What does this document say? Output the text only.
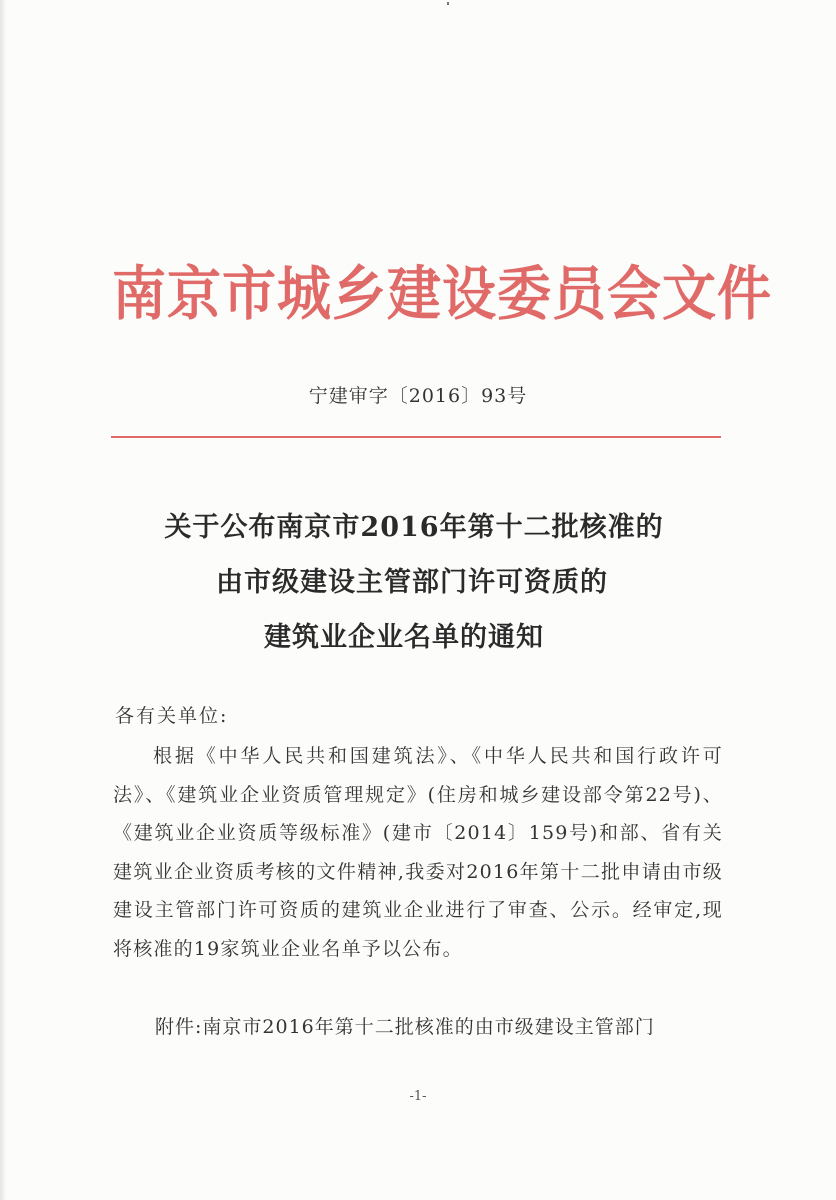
南京市城乡建设委员会文件
宁建审字〔2016〕93号
关于公布南京市2016年第十二批核准的
由市级建设主管部门许可资质的
建筑业企业名单的通知
各有关单位:
根据《中华人民共和国建筑法》、《中华人民共和国行政许可法》、《建筑业企业资质管理规定》(住房和城乡建设部令第22号)、《建筑业企业资质等级标准》(建市〔2014〕159号)和部、省有关建筑业企业资质考核的文件精神,我委对2016年第十二批申请由市级建设主管部门许可资质的建筑业企业进行了审查、公示。经审定,现将核准的19家筑业企业名单予以公布。
附件:南京市2016年第十二批核准的由市级建设主管部门
-1-
